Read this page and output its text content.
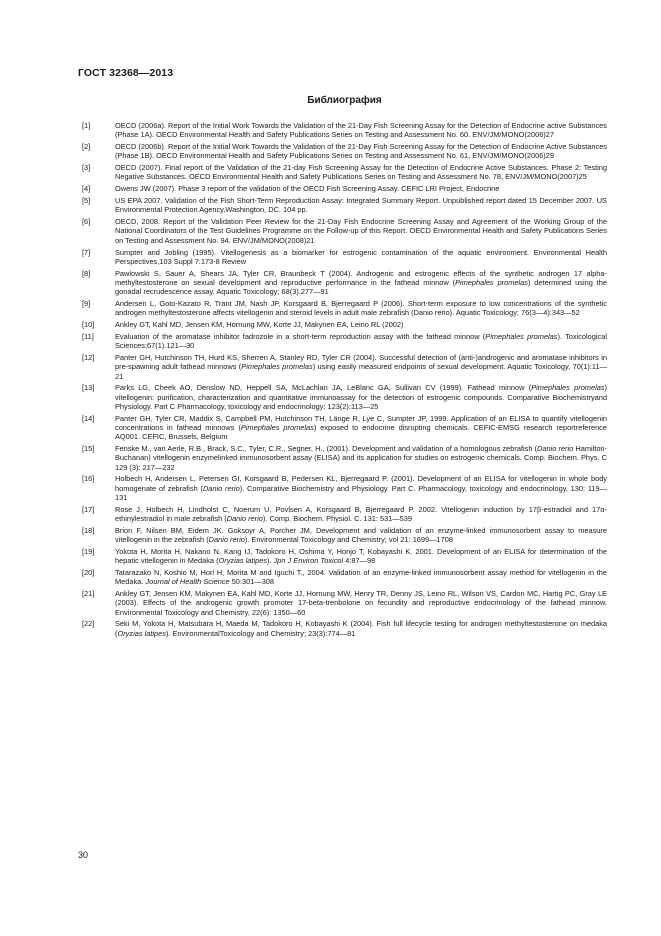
ГОСТ 32368—2013
Библиография
[1]	OECD (2006a). Report of the Initial Work Towards the Validation of the 21-Day Fish Screening Assay for the Detection of Endocrine active Substances (Phase 1A). OECD Environmental Health and Safety Publications Series on Testing and Assessment No. 60. ENV/JM/MONO(2006)27
[2]	OECD (2006b). Report of the Initial Work Towards the Validation of the 21-Day Fish Screening Assay for the Detection of Endocrine Active Substances (Phase 1B). OECD Environmental Health and Safety Publications Series on Testing and Assessment No. 61, ENV/JM/MONO(2006)29
[3]	OECD (2007). Final report of the Validation of the 21-day Fish Screening Assay for the Detection of Endocrine Active Substances. Phase 2: Testing Negative Substances. OECD Environmental Health and Safety Publications Series on Testing and Assessment No. 78, ENV/JM/MONO(2007)25
[4]	Owens JW (2007). Phase 3 report of the validation of the OECD Fish Screening Assay. CEFIC LRI Project, Endocrine
[5]	US EPA 2007. Validation of the Fish Short-Term Reproduction Assay: Integrated Summary Report. Unpublished report dated 15 December 2007. US Environmental Protection Agency,Washington, DC. 104 pp.
[6]	OECD, 2008. Report of the Validation Peer Review for the 21-Day Fish Endocrine Screening Assay and Agreement of the Working Group of the National Coordinators of the Test Guidelines Programme on the Follow-up of this Report. OECD Environmental Health and Safety Publications Series on Testing and Assessment No. 94. ENV/JM/MONO(2008)21
[7]	Sumpter and Jobling (1995). Vitellogenesis as a biomarker for estrogenic contamination of the aquatic environment. Environmental Health Perspectives,103 Suppl 7:173-8 Review
[8]	Pawlowski S, Sauer A, Shears JA, Tyler CR, Braunbeck T (2004). Androgenic and estrogenic effects of the synthetic androgen 17 alpha-methyltestosterone on sexual development and reproductive performance in the fathead minnow (Pimephales promelas) determined using the gonadal recrudescence assay. Aquatic Toxicology; 68(3).277—91
[9]	Andersen L, Goto-Kazato R, Trant JM, Nash JP, Korsgaard B, Bjerregaard P (2006). Short-term exposure to low concentrations of the synthetic androgen methyltestosterone affects vitellogenin and steroid levels in adult male zebrafish (Danio rerio). Aquatic Toxicology; 76(3—4):343—52
[10]	Ankley GT, Kahl MD, Jensen KM, Hornung MW, Korte JJ, Makynen EA, Leino RL (2002)
[11]	Evaluation of the aromatase inhibitor fadrozole in a short-term reproduction assay with the fathead minnow (Pimephales promelas). Toxicological Sciences;67(1).121—30
[12]	Panter GH, Hutchinson TH, Hurd KS, Sherren A, Stanley RD, Tyler CR (2004). Successful detection of (anti-)androgenic and aromatase inhibitors in pre-spawning adult fathead minnows (Pimephales promelas) using easily measured endpoints of sexual development. Aquatic Toxicology, 70(1):11—21
[13]	Parks LG, Cheek AO, Denslow ND, Heppell SA, McLachlan JA, LeBlanc GA, Sullivan CV (1999). Fathead minnow (Pimephales promelas) vitellogenin: purification, characterization and quantitative immunoassay for the detection of estrogenic compounds. Comparative Biochemistryand Physiology. Part C Pharmacology, toxicology and endocrinology; 123(2):113—25
[14]	Panter GH, Tyler CR, Maddix S, Campbell PM, Hutchinson TH, Länge R, Lye C, Sumpter JP, 1999. Application of an ELISA to quantify vitellogenin concentrations in fathead minnows (Pimephales promelas) exposed to endocrine disrupting chemicals. CEFIC-EMSG research reportreference AQ001. CEFIC, Brussels, Belgium
[15]	Fenske M., van Aerle, R.B., Brack, S.C., Tyler, C.R., Segner, H., (2001). Development and validation of a homologous zebrafish (Danio rerio Hamilton-Buchanan) vitellogenin enzymelinked immunosorbent assay (ELISA) and its application for studies on estrogenic chemicals. Comp. Biochem. Phys. C 129 (3): 217—232
[16]	Holbech H, Andersen L, Petersen GI, Korsgaard B, Pedersen KL, Bjerregaard P. (2001). Development of an ELISA for vitellogenin in whole body homogenate of zebrafish (Danio rerio). Comparative Biochemistry and Physiology. Part C. Pharmacology, toxicology and endocrinology, 130: 119—131
[17]	Rose J, Holbech H, Lindholst C, Noerum U, Povlsen A, Korsgaard B, Bjerregaard P. 2002. Vitellogenin induction by 17β-estradiol and 17α-ethinylestradiol in male zebrafish (Danio rerio). Comp. Biochem. Physiol. C. 131: 531—539
[18]	Brion F, Nilsen BM, Eidem JK. Goksoyr A, Porcher JM, Development and validation of an enzyme-linked immunosorbent assay to measure vitellogenin in the zebrafish (Danio rerio). Environmental Toxicology and Chemistry; vol 21: 1699—1708
[19]	Yokota H, Morita H, Nakano N, Kang IJ, Tadokoro H, Oshima Y, Honjo T, Kobayashi K. 2001. Development of an ELISA for determination of the hepatic vitellogenin in Medaka (Oryzias latipes). Jpn J Environ Toxicol 4:87—98
[20]	Tatarazako N, Koshio M, Hori H, Morita M and Iguchi T., 2004. Validation of an enzyme-linked immunosorbent assay method for vitellogenin in the Medaka. Journal of Health Science 50:301—308
[21]	Ankley GT, Jensen KM, Makynen EA, Kahl MD, Korte JJ, Hornung MW, Henry TR, Denny JS, Leino RL, Wilson VS, Cardon MC, Hartig PC, Gray LE (2003). Effects of the androgenic growth promoter 17-beta-trenbolone on fecundity and reproductive endocrinology of the fathead minnow. Environmental Toxicology and Chemistry, 22(6): 1350—60
[22]	Seki M, Yokota H, Matsubara H, Maeda M, Tadokoro H, Kobayashi K (2004). Fish full lifecycle testing for androgen methyltestosterone on medaka (Oryzias latipes). EnvironmentalToxicology and Chemistry; 23(3):774—81
30
